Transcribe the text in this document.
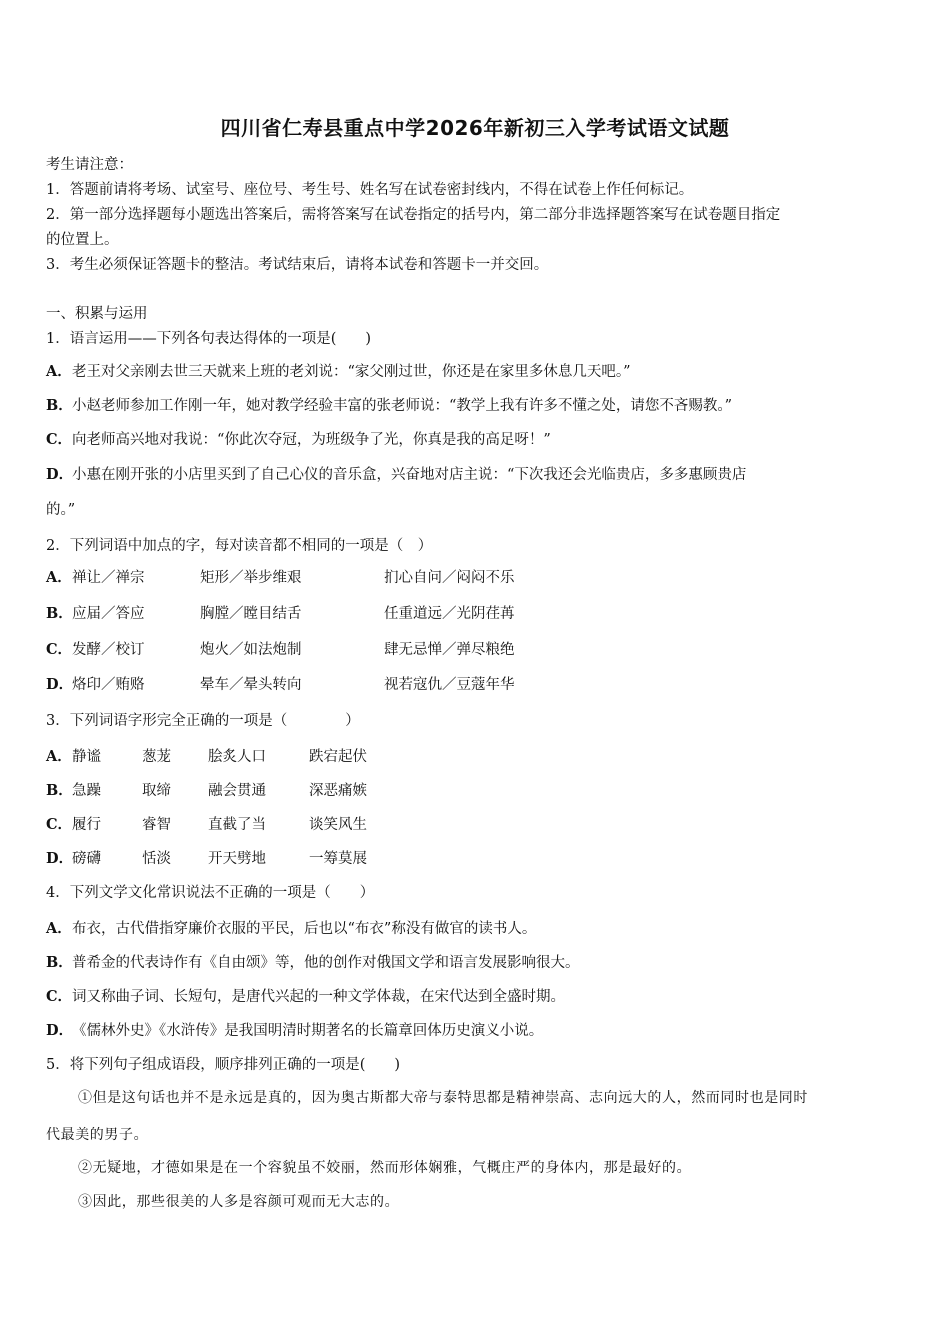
四川省仁寿县重点中学2026年新初三入学考试语文试题
考生请注意：
1．答题前请将考场、试室号、座位号、考生号、姓名写在试卷密封线内，不得在试卷上作任何标记。
2．第一部分选择题每小题选出答案后，需将答案写在试卷指定的括号内，第二部分非选择题答案写在试卷题目指定
的位置上。
3．考生必须保证答题卡的整洁。考试结束后，请将本试卷和答题卡一并交回。
一、积累与运用
1．语言运用——下列各句表达得体的一项是(　　)
A．老王对父亲刚去世三天就来上班的老刘说：“家父刚过世，你还是在家里多休息几天吧。”
B．小赵老师参加工作刚一年，她对教学经验丰富的张老师说：“教学上我有许多不懂之处，请您不吝赐教。”
C．向老师高兴地对我说：“你此次夺冠，为班级争了光，你真是我的高足呀！”
D．小惠在刚开张的小店里买到了自己心仪的音乐盒，兴奋地对店主说：“下次我还会光临贵店，多多惠顾贵店
的。”
2．下列词语中加点的字，每对读音都不相同的一项是（　）
A．禅让／禅宗	矩形／举步维艰	扪心自问／闷闷不乐
B．应届／答应	胸膛／瞠目结舌	任重道远／光阴荏苒
C．发酵／校订	炮火／如法炮制	肆无忌惮／弹尽粮绝
D．烙印／贿赂	晕车／晕头转向	视若寇仇／豆蔻年华
3．下列词语字形完全正确的一项是（　　　　）
A．静谧	葱茏	脍炙人口	跌宕起伏
B．急躁	取缔	融会贯通	深恶痛嫉
C．履行	睿智	直截了当	谈笑风生
D．磅礴	恬淡	开天劈地	一筹莫展
4．下列文学文化常识说法不正确的一项是（　　）
A．布衣，古代借指穿廉价衣服的平民，后也以“布衣”称没有做官的读书人。
B．普希金的代表诗作有《自由颂》等，他的创作对俄国文学和语言发展影响很大。
C．词又称曲子词、长短句，是唐代兴起的一种文学体裁，在宋代达到全盛时期。
D．《儒林外史》《水浒传》是我国明清时期著名的长篇章回体历史演义小说。
5．将下列句子组成语段，顺序排列正确的一项是(　　)
①但是这句话也并不是永远是真的，因为奥古斯都大帝与泰特思都是精神崇高、志向远大的人，然而同时也是同时
代最美的男子。
②无疑地，才德如果是在一个容貌虽不姣丽，然而形体娴雅，气概庄严的身体内，那是最好的。
③因此，那些很美的人多是容颜可观而无大志的。
